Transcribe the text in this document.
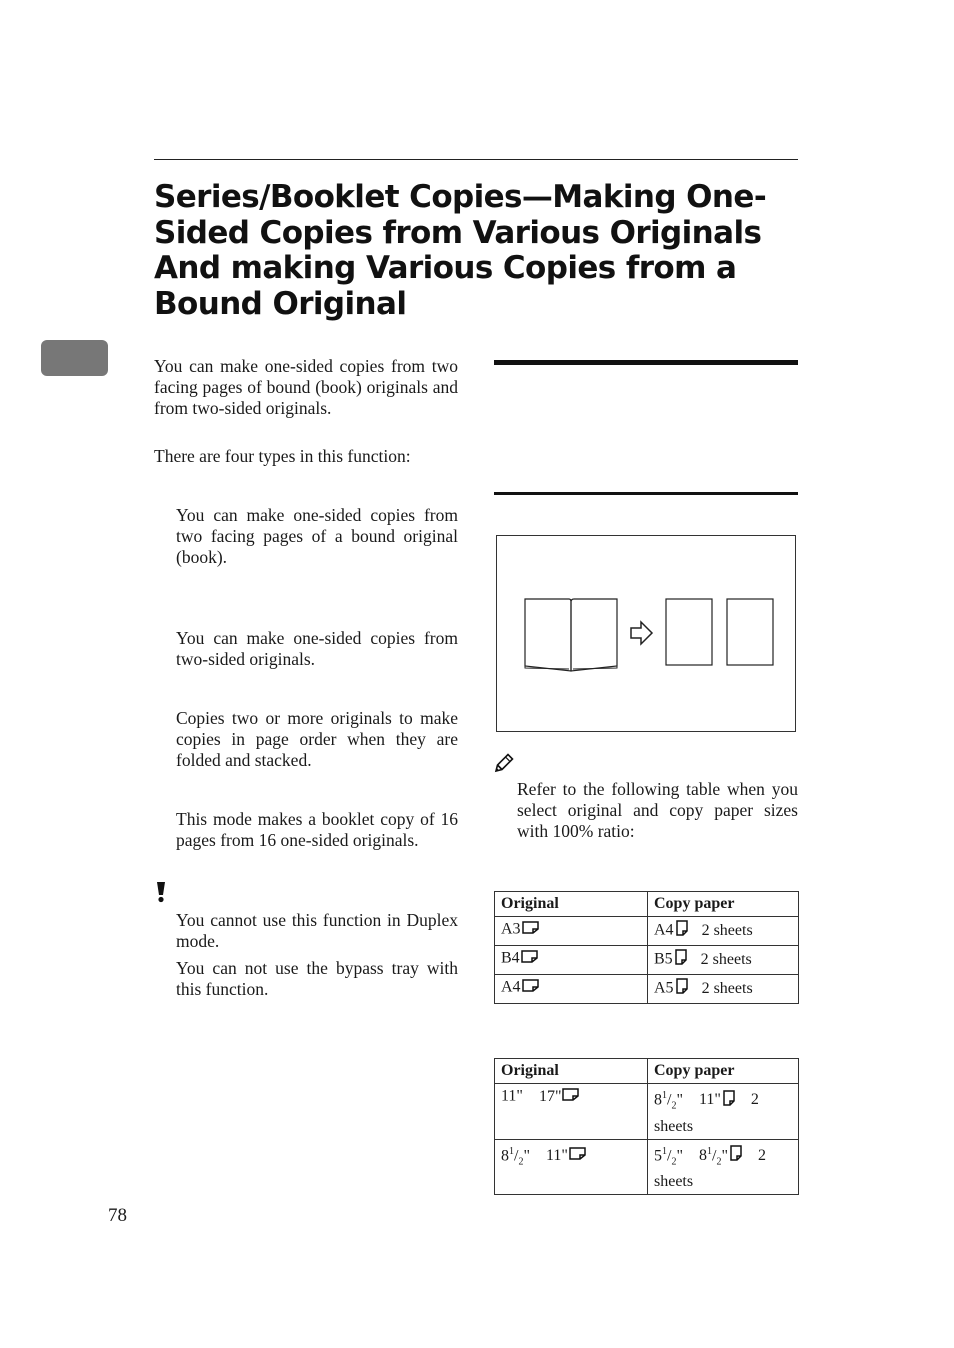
Series/Booklet Copies—Making One-Sided Copies from Various Originals And making Various Copies from a Bound Original

You can make one-sided copies from two facing pages of bound (book) originals and from two-sided originals.

There are four types in this function:

You can make one-sided copies from two facing pages of a bound original (book).

You can make one-sided copies from two-sided originals.

Copies two or more originals to make copies in page order when they are folded and stacked.

This mode makes a booklet copy of 16 pages from 16 one-sided originals.

You cannot use this function in Duplex mode.

You can not use the bypass tray with this function.

Refer to the following table when you select original and copy paper sizes with 100% ratio:

Original	Copy paper
A3	A4 2 sheets
B4	B5 2 sheets
A4	A5 2 sheets
Original	Copy paper
11" 17"	$8^1/_2$" 11" 2
sheets
$8^1/_2$" 11"	$5^1/_2$" $8^1/_2$" 2
sheets
78
